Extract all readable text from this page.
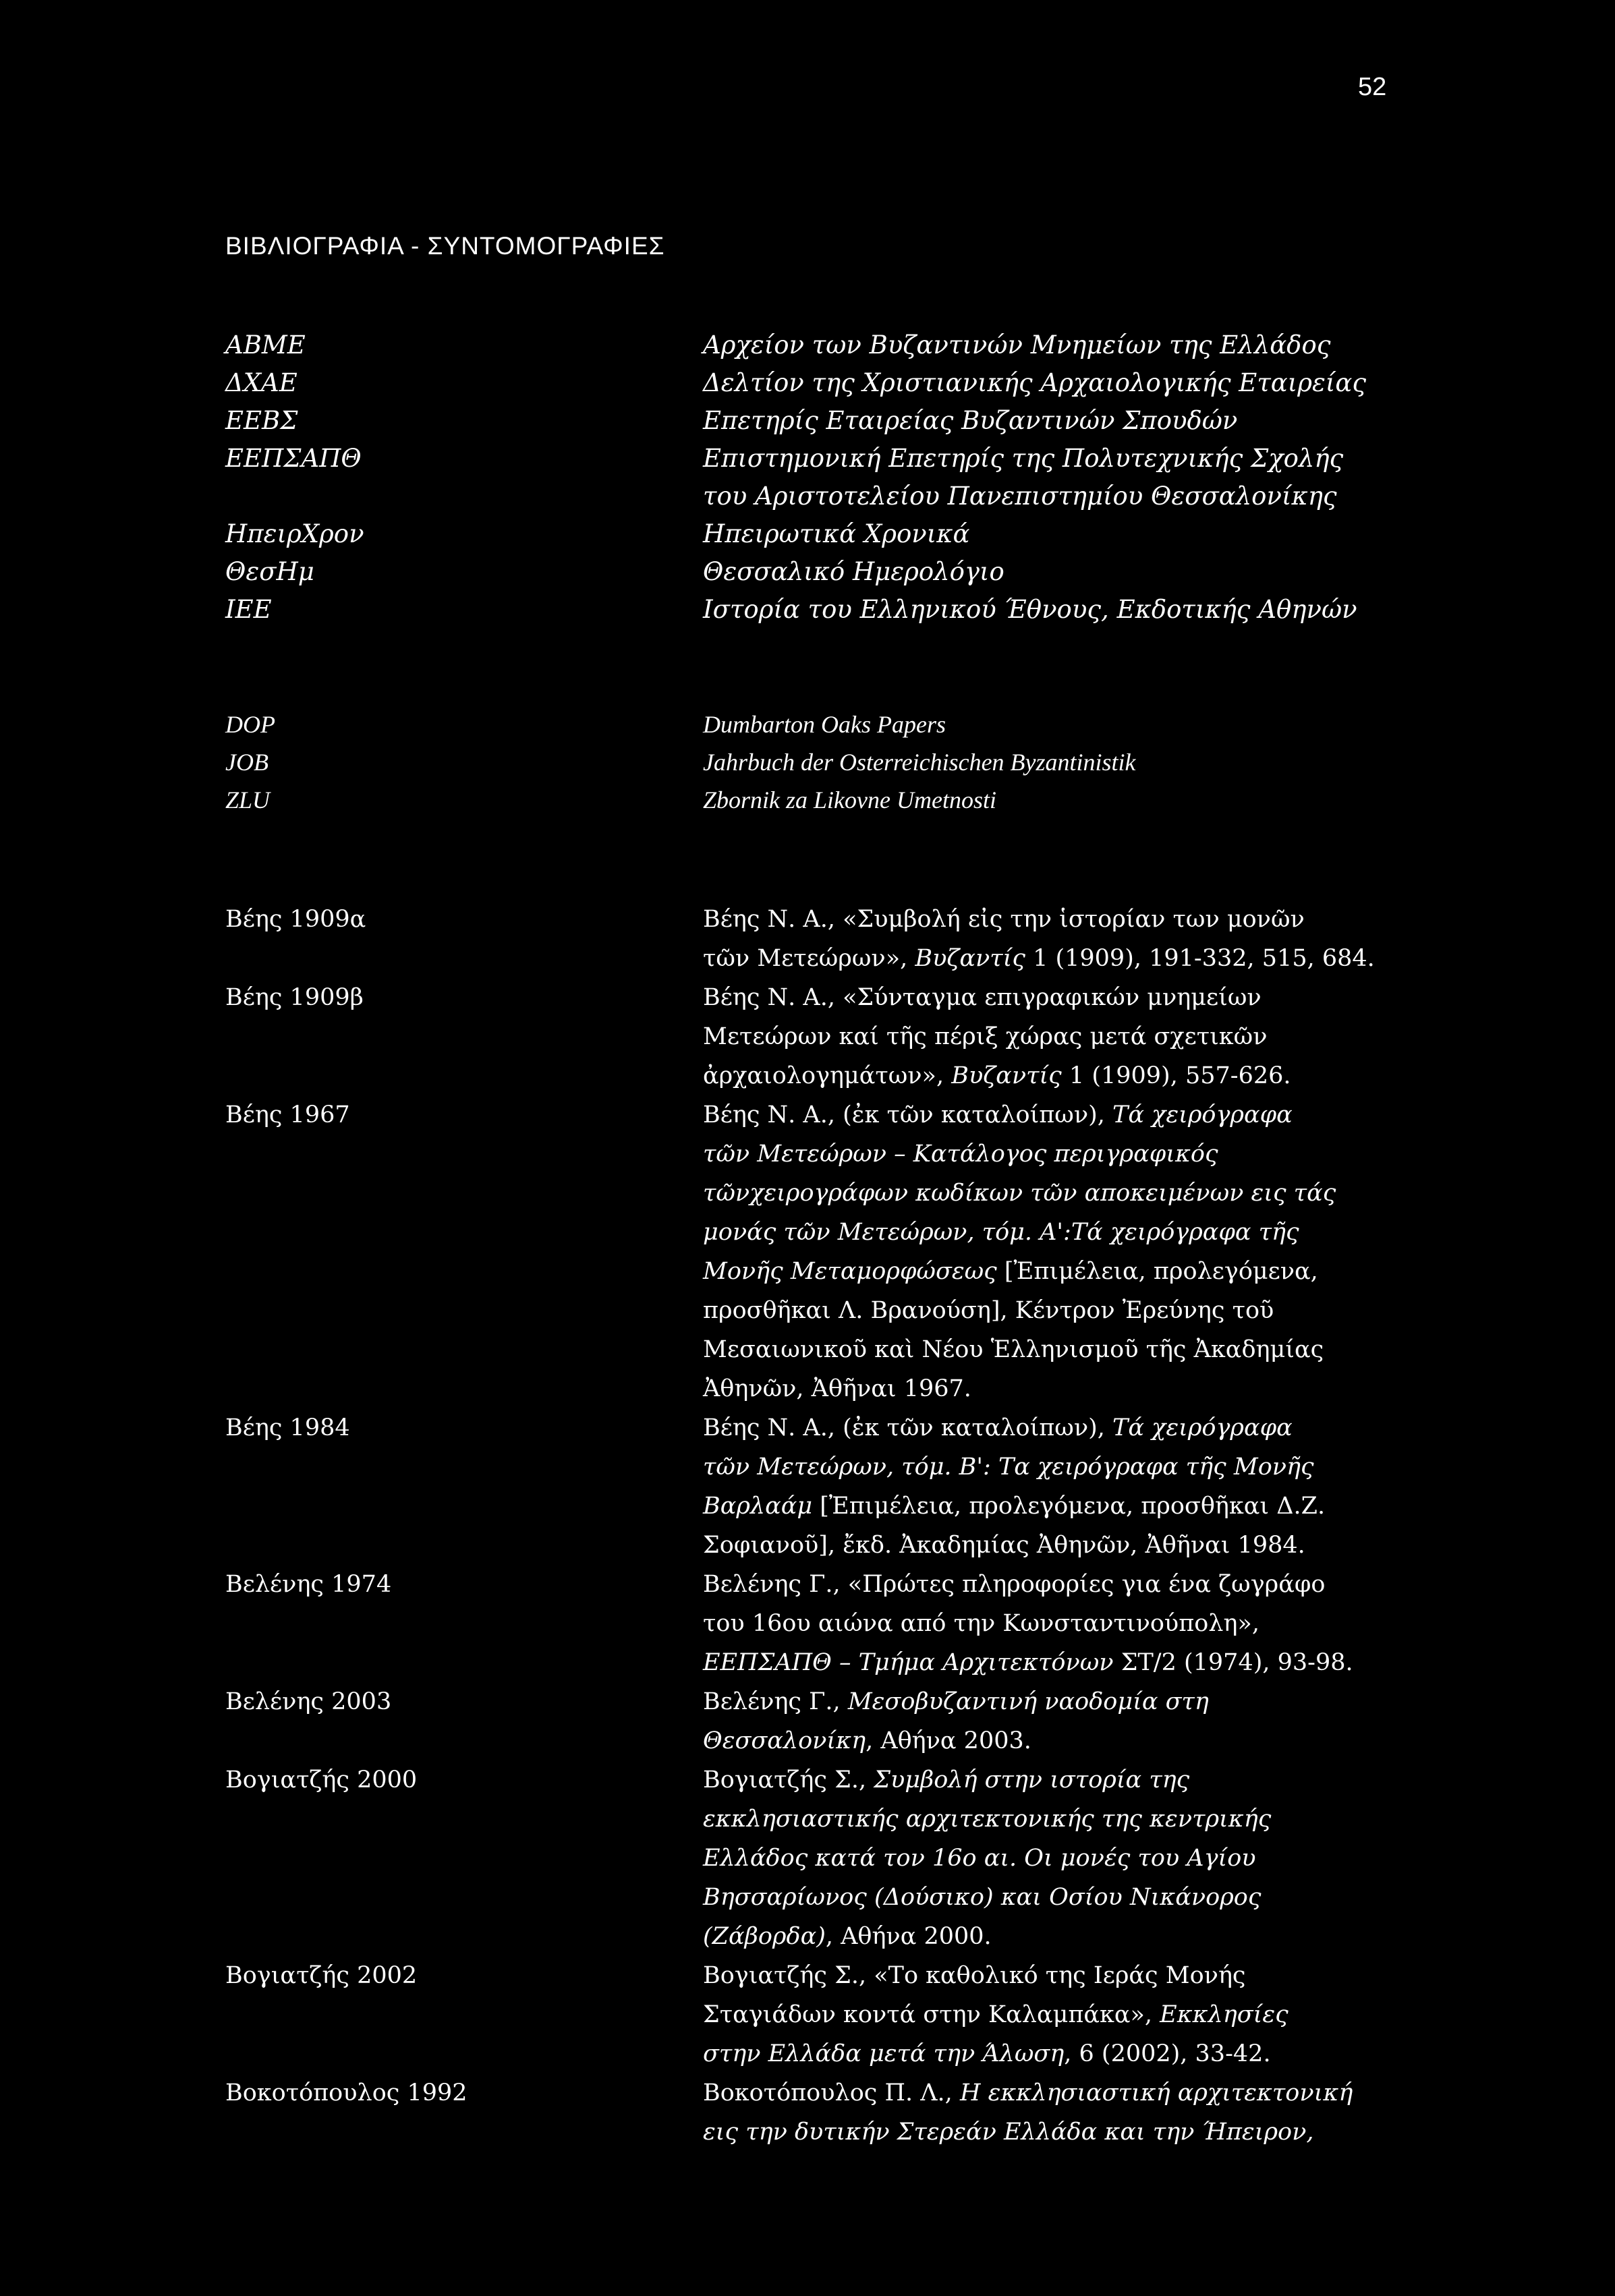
52
ΒΙΒΛΙΟΓΡΑΦΙΑ - ΣΥΝΤΟΜΟΓΡΑΦΙΕΣ
ABME	Αρχείον των Βυζαντινών Μνημείων της Ελλάδος
ΔΧΑΕ	Δελτίον της Χριστιανικής Αρχαιολογικής Εταιρείας
ΕΕΒΣ	Επετηρίς Εταιρείας Βυζαντινών Σπουδών
ΕΕΠΣΑΠΘ	Επιστημονική Επετηρίς της Πολυτεχνικής Σχολής
του Αριστοτελείου Πανεπιστημίου Θεσσαλονίκης
ΗπειρΧρον	Ηπειρωτικά Χρονικά
ΘεσΗμ	Θεσσαλικό Ημερολόγιο
ΙΕΕ	Ιστορία του Ελληνικού Έθνους, Εκδοτικής Αθηνών
DOP	Dumbarton Oaks Papers
JOB	Jahrbuch der Osterreichischen Byzantinistik
ZLU	Zbornik za Likovne Umetnosti
Βέης 1909α	Βέης Ν. Α., «Συμβολή εἰς την ἱστορίαν των μονῶν
τῶν Μετεώρων», Βυζαντίς 1 (1909), 191-332, 515, 684.
Βέης 1909β	Βέης Ν. Α., «Σύνταγμα επιγραφικών μνημείων
Μετεώρων καί τῆς πέριξ χώρας μετά σχετικῶν
ἀρχαιολογημάτων», Βυζαντίς 1 (1909), 557-626.
Βέης 1967	Βέης Ν. Α., (ἐκ τῶν καταλοίπων), Τά χειρόγραφα
τῶν Μετεώρων – Κατάλογος περιγραφικός
τῶνχειρογράφων κωδίκων τῶν αποκειμένων εις τάς
μονάς τῶν Μετεώρων, τόμ. Α':Τά χειρόγραφα τῆς
Μονῆς Μεταμορφώσεως [Ἐπιμέλεια, προλεγόμενα,
προσθῆκαι Λ. Βρανούση], Κέντρον Ἐρεύνης τοῦ
Μεσαιωνικοῦ καὶ Νέου Ἑλληνισμοῦ τῆς Ἀκαδημίας
Ἀθηνῶν, Ἀθῆναι 1967.
Βέης 1984	Βέης Ν. Α., (ἐκ τῶν καταλοίπων), Τά χειρόγραφα
τῶν Μετεώρων, τόμ. Β': Τα χειρόγραφα τῆς Μονῆς
Βαρλαάμ [Ἐπιμέλεια, προλεγόμενα, προσθῆκαι Δ.Ζ.
Σοφιανοῦ], ἔκδ. Ἀκαδημίας Ἀθηνῶν, Ἀθῆναι 1984.
Βελένης 1974	Βελένης Γ., «Πρώτες πληροφορίες για ένα ζωγράφο
του 16ου αιώνα από την Κωνσταντινούπολη»,
ΕΕΠΣΑΠΘ – Τμήμα Αρχιτεκτόνων ΣΤ/2 (1974), 93-98.
Βελένης 2003	Βελένης Γ., Μεσοβυζαντινή ναοδομία στη
Θεσσαλονίκη, Αθήνα 2003.
Βογιατζής 2000	Βογιατζής Σ., Συμβολή στην ιστορία της
εκκλησιαστικής αρχιτεκτονικής της κεντρικής
Ελλάδος κατά τον 16ο αι. Οι μονές του Αγίου
Βησσαρίωνος (Δούσικο) και Οσίου Νικάνορος
(Ζάβορδα), Αθήνα 2000.
Βογιατζής 2002	Βογιατζής Σ., «Το καθολικό της Ιεράς Μονής
Σταγιάδων κοντά στην Καλαμπάκα», Εκκλησίες
στην Ελλάδα μετά την Άλωση, 6 (2002), 33-42.
Βοκοτόπουλος 1992	Βοκοτόπουλος Π. Λ., Η εκκλησιαστική αρχιτεκτονική
εις την δυτικήν Στερεάν Ελλάδα και την Ήπειρον,
